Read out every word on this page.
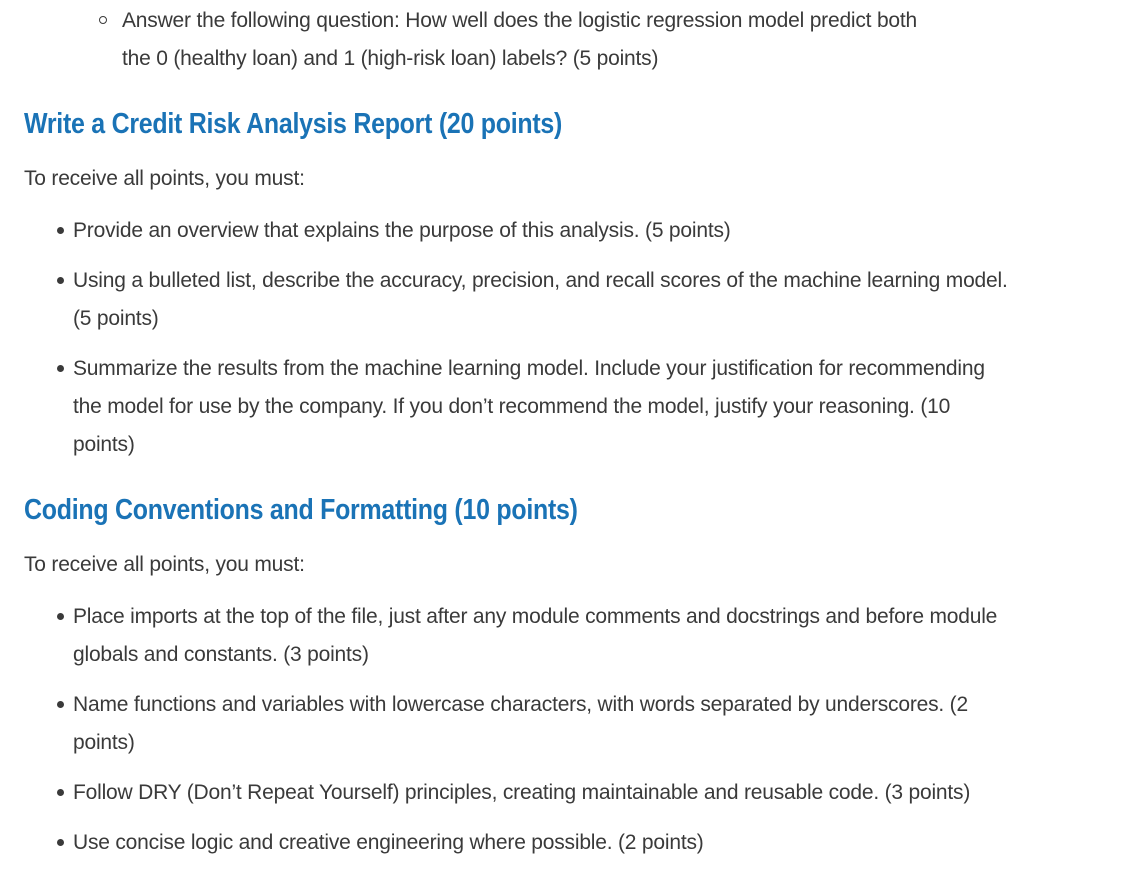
Answer the following question: How well does the logistic regression model predict both the 0 (healthy loan) and 1 (high-risk loan) labels? (5 points)
Write a Credit Risk Analysis Report (20 points)

To receive all points, you must:

Provide an overview that explains the purpose of this analysis. (5 points)
Using a bulleted list, describe the accuracy, precision, and recall scores of the machine learning model. (5 points)
Summarize the results from the machine learning model. Include your justification for recommending the model for use by the company. If you don’t recommend the model, justify your reasoning. (10 points)
Coding Conventions and Formatting (10 points)

To receive all points, you must:

Place imports at the top of the file, just after any module comments and docstrings and before module globals and constants. (3 points)
Name functions and variables with lowercase characters, with words separated by underscores. (2 points)
Follow DRY (Don’t Repeat Yourself) principles, creating maintainable and reusable code. (3 points)
Use concise logic and creative engineering where possible. (2 points)
